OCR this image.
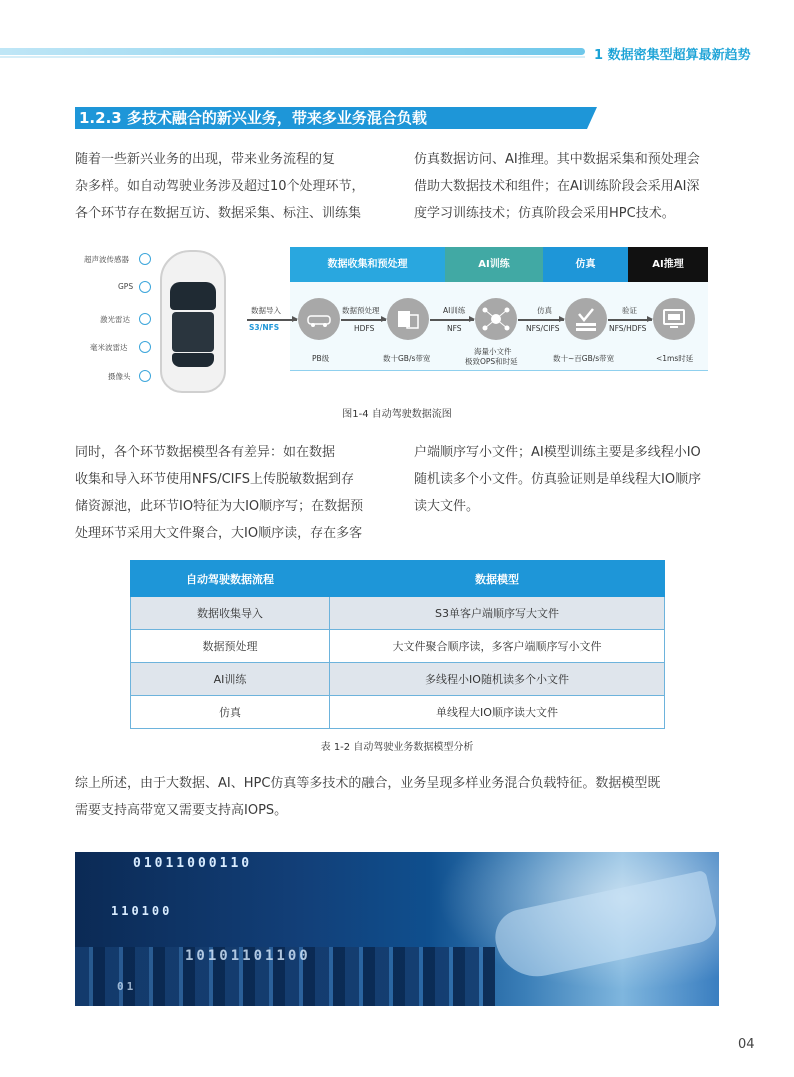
1 数据密集型超算最新趋势
1.2.3 多技术融合的新兴业务，带来多业务混合负载
随着一些新兴业务的出现，带来业务流程的复
杂多样。如自动驾驶业务涉及超过10个处理环节，
各个环节存在数据互访、数据采集、标注、训练集
仿真数据访问、AI推理。其中数据采集和预处理会
借助大数据技术和组件；在AI训练阶段会采用AI深
度学习训练技术；仿真阶段会采用HPC技术。
超声波传感器
GPS
激光雷达
毫米波雷达
摄像头
数据收集和预处理	AI训练	仿真	AI推理
数据导入
S3/NFS
数据预处理
HDFS
AI训练
NFS
仿真
NFS/CIFS
验证
NFS/HDFS
PB级	数十GB/s带宽
海量小文件
极致OPS和时延	数十~百GB/s带宽	<1ms时延
图1-4 自动驾驶数据流图
同时，各个环节数据模型各有差异：如在数据
收集和导入环节使用NFS/CIFS上传脱敏数据到存
储资源池，此环节IO特征为大IO顺序写；在数据预
处理环节采用大文件聚合，大IO顺序读，存在多客
户端顺序写小文件；AI模型训练主要是多线程小IO
随机读多个小文件。仿真验证则是单线程大IO顺序
读大文件。
自动驾驶数据流程	数据模型
数据收集导入	S3单客户端顺序写大文件
数据预处理	大文件聚合顺序读，多客户端顺序写小文件
AI训练	多线程小IO随机读多个小文件
仿真	单线程大IO顺序读大文件
表 1-2 自动驾驶业务数据模型分析
综上所述，由于大数据、AI、HPC仿真等多技术的融合，业务呈现多样业务混合负载特征。数据模型既
需要支持高带宽又需要支持高IOPS。
01011000110
110100
10101101100
01
04
